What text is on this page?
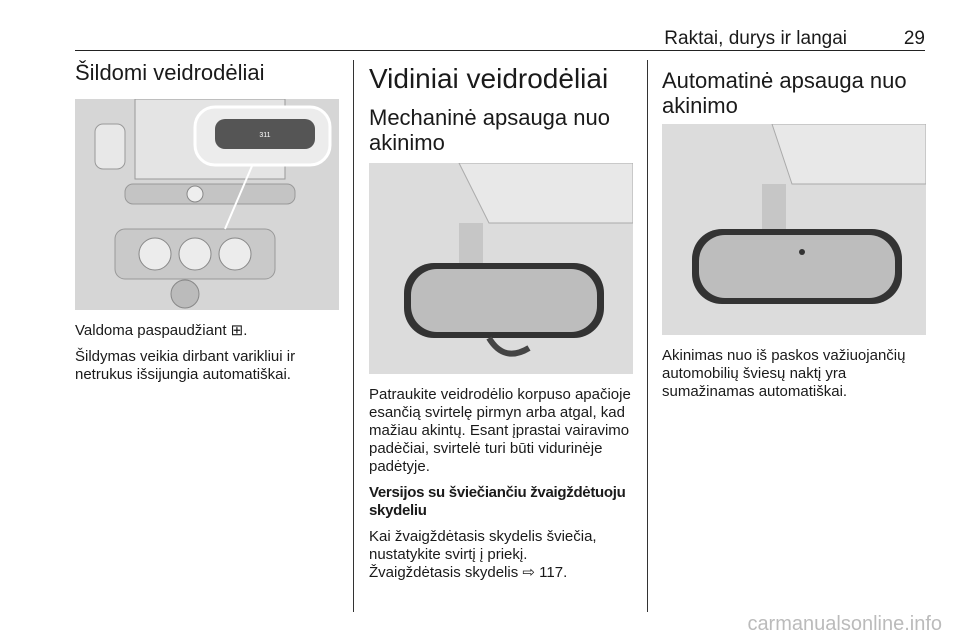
Raktai, durys ir langai	29
Šildomi veidrodėliai
311

Valdoma paspaudžiant ⊞.

Šildymas veikia dirbant varikliui ir netrukus išsijungia automatiškai.

Vidiniai veidrodėliai
Mechaninė apsauga nuo akinimo

Patraukite veidrodėlio korpuso apačioje esančią svirtelę pirmyn arba atgal, kad mažiau akintų. Esant įprastai vairavimo padėčiai, svirtelė turi būti vidurinėje padėtyje.

Versijos su šviečiančiu žvaigždėtuoju skydeliu

Kai žvaigždėtasis skydelis šviečia, nustatykite svirtį į priekį.

Žvaigždėtasis skydelis ⇨ 117.

Automatinė apsauga nuo akinimo

Akinimas nuo iš paskos važiuojančių automobilių šviesų naktį yra sumažinamas automatiškai.

carmanualsonline.info
